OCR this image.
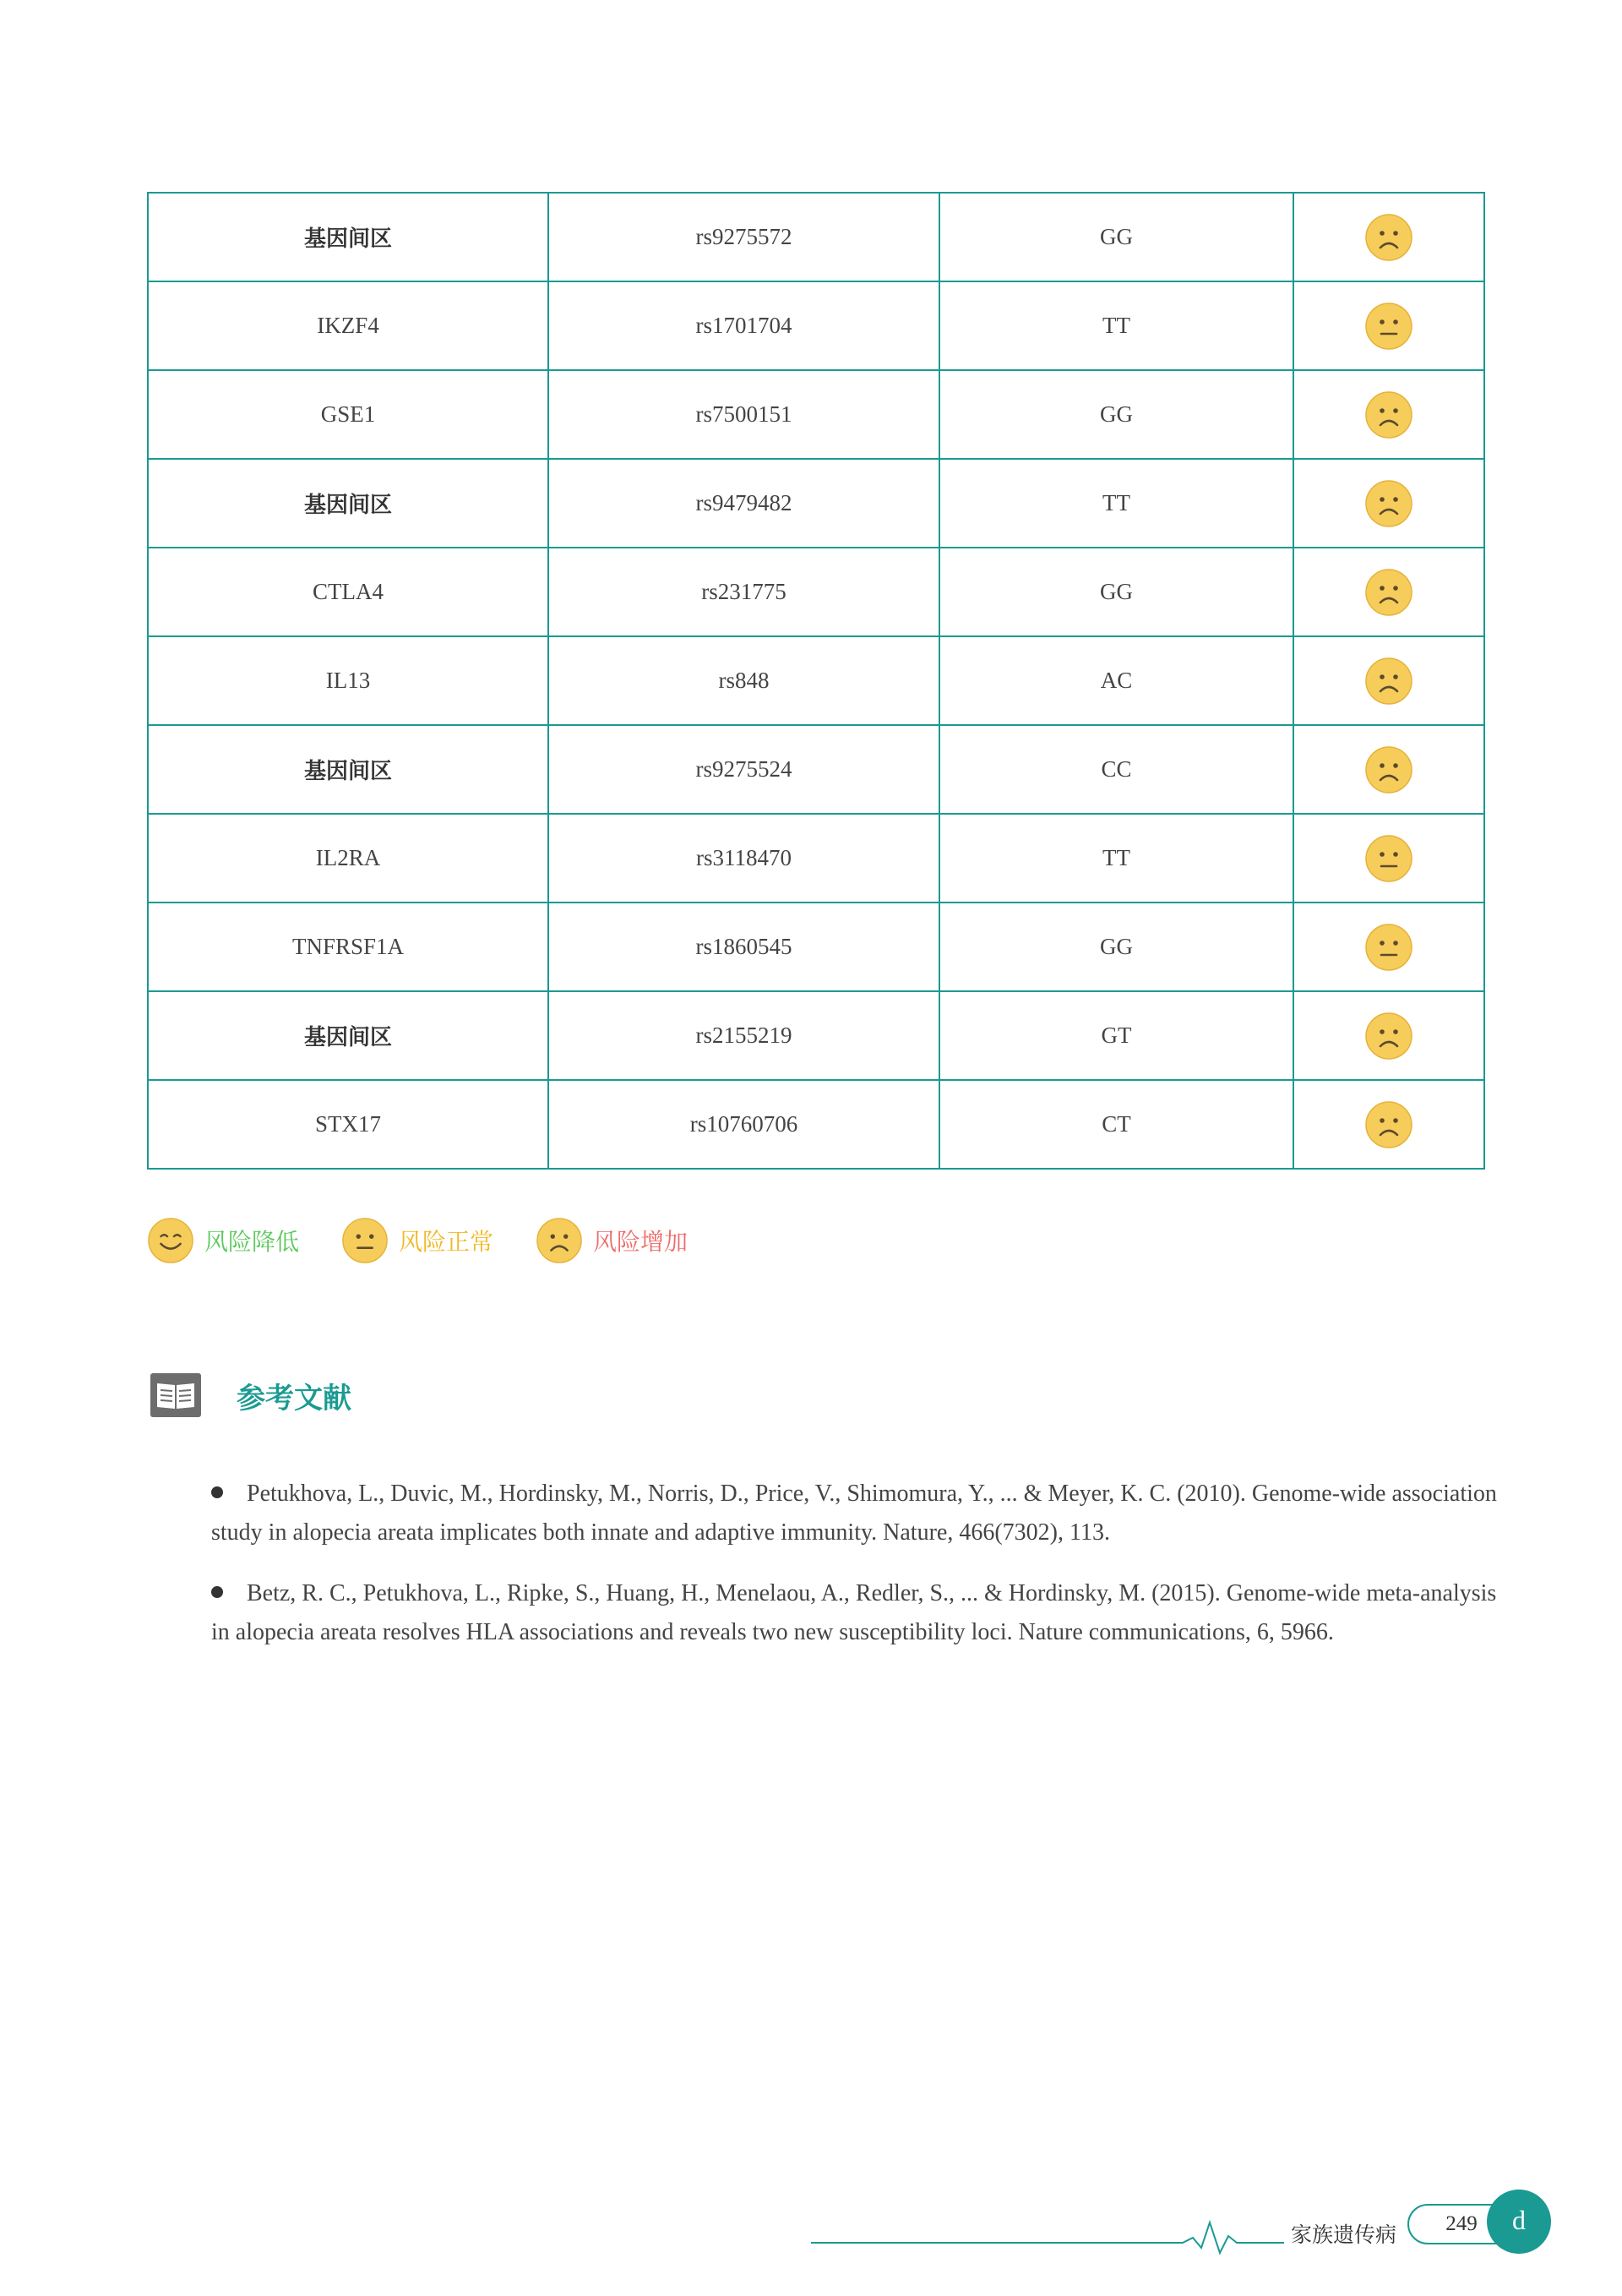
基因间区	rs9275572	GG	

IKZF4	rs1701704	TT	

GSE1	rs7500151	GG	

基因间区	rs9479482	TT	

CTLA4	rs231775	GG	

IL13	rs848	AC	

基因间区	rs9275524	CC	

IL2RA	rs3118470	TT	

TNFRSF1A	rs1860545	GG	

基因间区	rs2155219	GT	

STX17	rs10760706	CT	
风险降低	风险正常	风险增加
参考文献
Petukhova, L., Duvic, M., Hordinsky, M., Norris, D., Price, V., Shimomura, Y., ... & Meyer, K. C. (2010). Genome-wide association study in alopecia areata implicates both innate and adaptive immunity. Nature, 466(7302), 113.
Betz, R. C., Petukhova, L., Ripke, S., Huang, H., Menelaou, A., Redler, S., ... & Hordinsky, M. (2015). Genome-wide meta-analysis in alopecia areata resolves HLA associations and reveals two new susceptibility loci. Nature communications, 6, 5966.
家族遗传病	249	d
